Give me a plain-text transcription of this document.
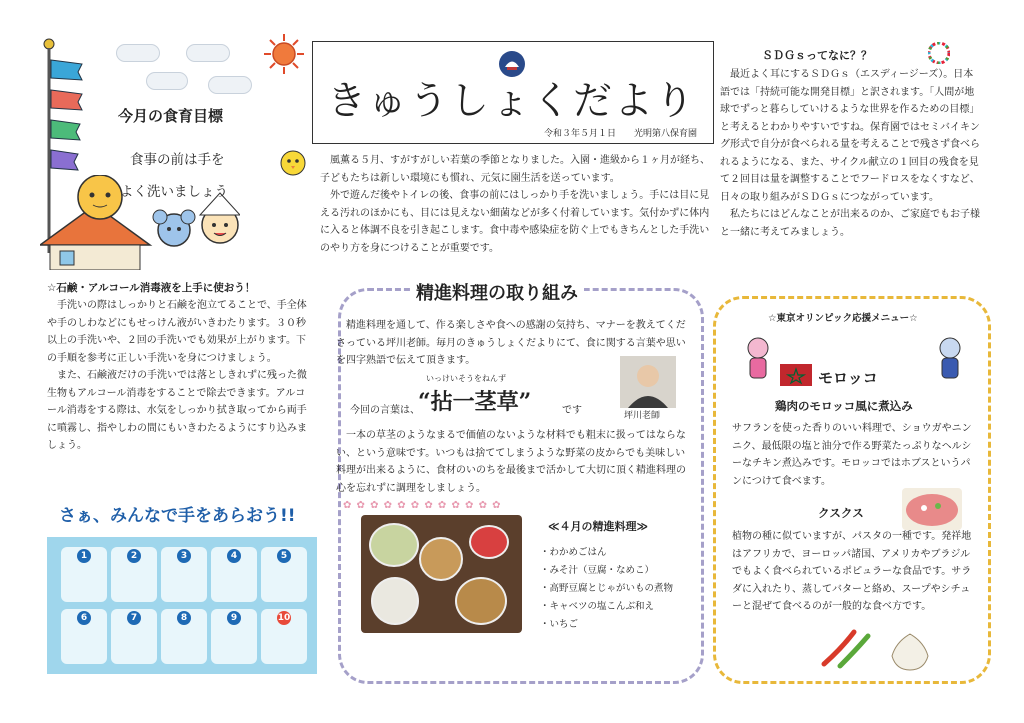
今月の食育目標
食事の前は手を
よく洗いましょう
きゅうしょくだより
令和３年５月１日　　光明第八保育園

風薫る５月、すがすがしい若葉の季節となりました。入園・進級から１ヶ月が経ち、子どもたちは新しい環境にも慣れ、元気に園生活を送っています。

外で遊んだ後やトイレの後、食事の前にはしっかり手を洗いましょう。手には目に見える汚れのほかにも、目には見えない細菌などが多く付着しています。気付かずに体内に入ると体調不良を引き起こします。食中毒や感染症を防ぐ上でもきちんとした手洗いのやり方を身につけることが重要です。

☆石鹸・アルコール消毒液を上手に使おう！

手洗いの際はしっかりと石鹸を泡立てることで、手全体や手のしわなどにもせっけん液がいきわたります。３０秒以上の手洗いや、２回の手洗いでも効果が上がります。下の手順を参考に正しい手洗いを身につけましょう。

また、石鹸液だけの手洗いでは落としきれずに残った微生物もアルコール消毒をすることで除去できます。アルコール消毒をする際は、水気をしっかり拭き取ってから両手に噴霧し、指やしわの間にもいきわたるようにすり込みましょう。

さぁ、みんなで手をあらおう!!
1	2	3	4	5
6	7	8	9	10
精進料理の取り組み

精進料理を通して、作る楽しさや食への感謝の気持ち、マナーを教えてくださっている坪川老師。毎月のきゅうしょくだよりにて、食に関する言葉や思いを四字熟語で伝えて頂きます。

いっけいそうをねんず
今回の言葉は、
“拈一茎草”	です	坪川老師

一本の草茎のようなまるで価値のないような材料でも粗末に扱ってはならない、という意味です。いつもは捨ててしまうような野菜の皮からでも美味しい料理が出来るように、食材のいのちを最後まで活かして大切に頂く精進料理の心を忘れずに調理をしましょう。

✿ ✿ ✿ ✿ ✿ ✿ ✿ ✿ ✿ ✿ ✿ ✿
≪４月の精進料理≫
・わかめごはん
・みそ汁（豆腐・なめこ）
・高野豆腐とじゃがいもの煮物
・キャベツの塩こんぶ和え
・いちご
ＳＤＧｓってなに？？

最近よく耳にするＳＤＧｓ（エスディージーズ）。日本語では「持続可能な開発目標」と訳されます。「人間が地球でずっと暮らしていけるような世界を作るための目標」と考えるとわかりやすいですね。保育園ではセミバイキング形式で自分が食べられる量を考えることで残さず食べられるようになる、また、サイクル献立の１回目の残食を見て２回目は量を調整することでフードロスをなくすなど、日々の取り組みがＳＤＧｓにつながっています。

私たちにはどんなことが出来るのか、ご家庭でもお子様と一緒に考えてみましょう。

☆東京オリンピック応援メニュー☆
モロッコ
鶏肉のモロッコ風に煮込み

サフランを使った香りのいい料理で、ショウガやニンニク、最低限の塩と油分で作る野菜たっぷりなヘルシーなチキン煮込みです。モロッコではホブスというパンにつけて食べます。

クスクス

植物の種に似ていますが、パスタの一種です。発祥地はアフリカで、ヨーロッパ諸国、アメリカやブラジルでもよく食べられているポピュラーな食品です。サラダに入れたり、蒸してバターと絡め、スープやシチューと混ぜて食べるのが一般的な食べ方です。
